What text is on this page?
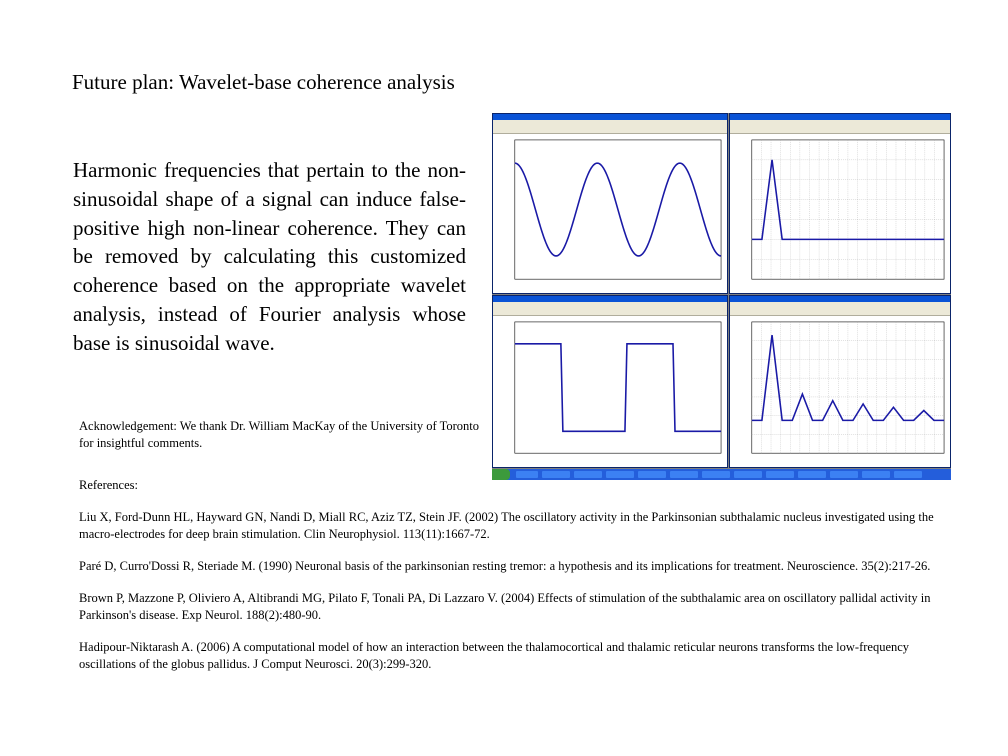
Future plan: Wavelet-base coherence analysis
Harmonic frequencies that pertain to the non-sinusoidal shape of a signal can induce false-positive high non-linear coherence. They can be removed by calculating this customized coherence based on the appropriate wavelet analysis, instead of Fourier analysis whose base is sinusoidal wave.
Acknowledgement: We thank Dr. William MacKay of the University of Toronto for insightful comments.

References:

Liu X, Ford-Dunn HL, Hayward GN, Nandi D, Miall RC, Aziz TZ, Stein JF. (2002) The oscillatory activity in the Parkinsonian subthalamic nucleus investigated using the macro-electrodes for deep brain stimulation. Clin Neurophysiol. 113(11):1667-72.

Paré D, Curro'Dossi R, Steriade M. (1990) Neuronal basis of the parkinsonian resting tremor: a hypothesis and its implications for treatment. Neuroscience. 35(2):217-26.

Brown P, Mazzone P, Oliviero A, Altibrandi MG, Pilato F, Tonali PA, Di Lazzaro V. (2004) Effects of stimulation of the subthalamic area on oscillatory pallidal activity in Parkinson's disease. Exp Neurol. 188(2):480-90.

Hadipour-Niktarash A. (2006) A computational model of how an interaction between the thalamocortical and thalamic reticular neurons transforms the low-frequency oscillations of the globus pallidus. J Comput Neurosci. 20(3):299-320.
